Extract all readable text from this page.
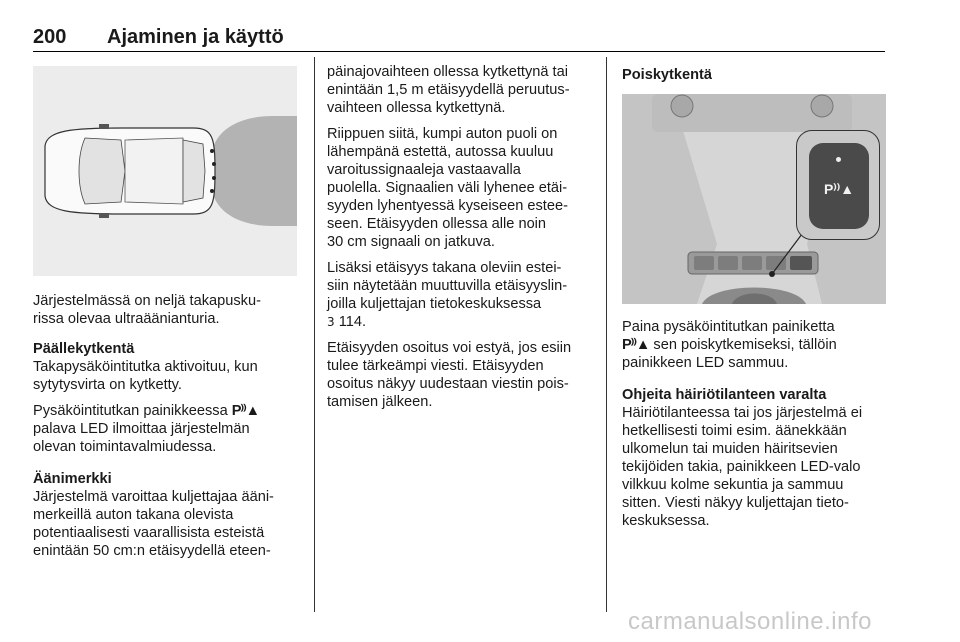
200 Ajaminen ja käyttö

Järjestelmässä on neljä takapusku-
rissa olevaa ultraäänianturia.

Päällekytkentä

Takapysäköintitutka aktivoituu, kun
sytytysvirta on kytketty.

Pysäköintitutkan painikkeessa P⁾⁾▲
palava LED ilmoittaa järjestelmän
olevan toimintavalmiudessa.

Äänimerkki

Järjestelmä varoittaa kuljettajaa ääni-
merkeillä auton takana olevista
potentiaalisesti vaarallisista esteistä
enintään 50 cm:n etäisyydellä eteen-

päinajovaihteen ollessa kytkettynä tai
enintään 1,5 m etäisyydellä peruutus-
vaihteen ollessa kytkettynä.

Riippuen siitä, kumpi auton puoli on
lähempänä estettä, autossa kuuluu
varoitussignaaleja vastaavalla
puolella. Signaalien väli lyhenee etäi-
syyden lyhentyessä kyseiseen estee-
seen. Etäisyyden ollessa alle noin
30 cm signaali on jatkuva.

Lisäksi etäisyys takana oleviin estei-
siin näytetään muuttuvilla etäisyyslin-
joilla kuljettajan tietokeskuksessa
3 114.

Etäisyyden osoitus voi estyä, jos esiin
tulee tärkeämpi viesti. Etäisyyden
osoitus näkyy uudestaan viestin pois-
tamisen jälkeen.

Poiskytkentä
P⁾⁾▲

Paina pysäköintitutkan painiketta
P⁾⁾▲ sen poiskytkemiseksi, tällöin
painikkeen LED sammuu.

Ohjeita häiriötilanteen varalta

Häiriötilanteessa tai jos järjestelmä ei
hetkellisesti toimi esim. äänekkään
ulkomelun tai muiden häiritsevien
tekijöiden takia, painikkeen LED-valo
vilkkuu kolme sekuntia ja sammuu
sitten. Viesti näkyy kuljettajan tieto-
keskuksessa.

carmanualsonline.info
